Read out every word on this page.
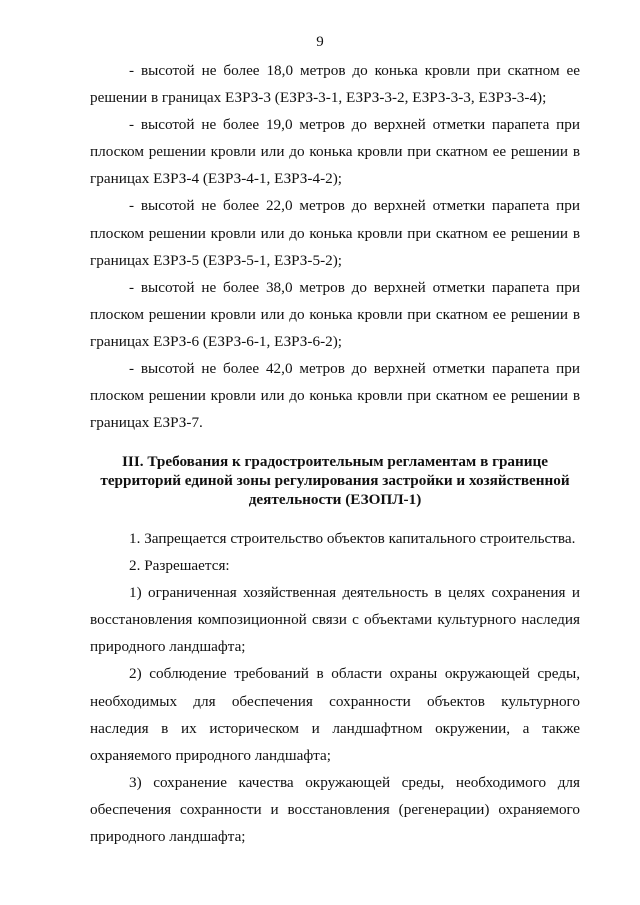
9

- высотой не более 18,0 метров до конька кровли при скатном ее решении в границах ЕЗРЗ-3 (ЕЗРЗ-3-1, ЕЗРЗ-3-2, ЕЗРЗ-3-3, ЕЗРЗ-3-4);

- высотой не более 19,0 метров до верхней отметки парапета при плоском решении кровли или до конька кровли при скатном ее решении в границах ЕЗРЗ-4 (ЕЗРЗ-4-1, ЕЗРЗ-4-2);

- высотой не более 22,0 метров до верхней отметки парапета при плоском решении кровли или до конька кровли при скатном ее решении в границах ЕЗРЗ-5 (ЕЗРЗ-5-1, ЕЗРЗ-5-2);

- высотой не более 38,0 метров до верхней отметки парапета при плоском решении кровли или до конька кровли при скатном ее решении в границах ЕЗРЗ-6 (ЕЗРЗ-6-1, ЕЗРЗ-6-2);

- высотой не более 42,0 метров до верхней отметки парапета при плоском решении кровли или до конька кровли при скатном ее решении в границах ЕЗРЗ-7.

III. Требования к градостроительным регламентам в границе
территорий единой зоны регулирования застройки и хозяйственной
деятельности (ЕЗОПЛ-1)

1. Запрещается строительство объектов капитального строительства.

2. Разрешается:

1) ограниченная хозяйственная деятельность в целях сохранения и восстановления композиционной связи с объектами культурного наследия природного ландшафта;

2) соблюдение требований в области охраны окружающей среды, необходимых для обеспечения сохранности объектов культурного наследия в их историческом и ландшафтном окружении, а также охраняемого природного ландшафта;

3) сохранение качества окружающей среды, необходимого для обеспечения сохранности и восстановления (регенерации) охраняемого природного ландшафта;
